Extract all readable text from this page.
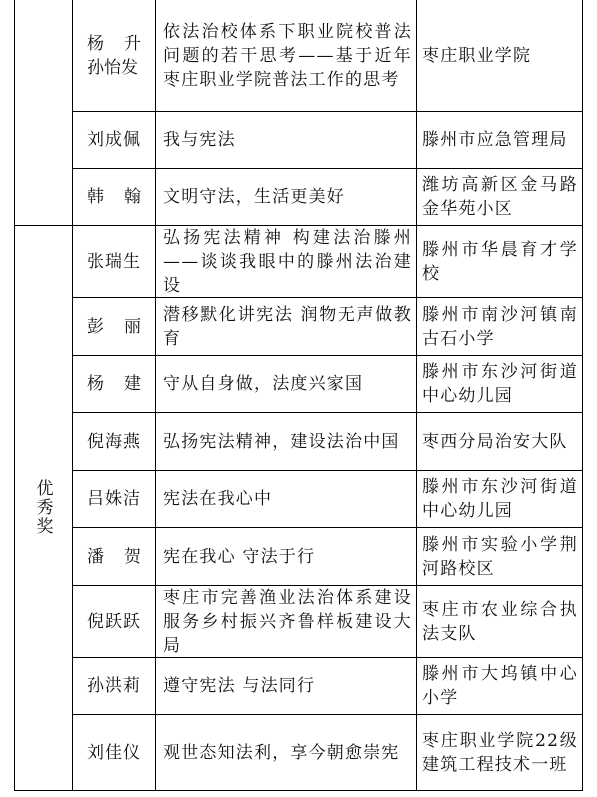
优秀奖
杨 升
孙怡发
依法治校体系下职业院校普法问题的若干思考——基于近年枣庄职业学院普法工作的思考
枣庄职业学院
刘成佩 我与宪法	滕州市应急管理局
韩 翰 文明守法，生活更美好
潍坊高新区金马路金华苑小区
张瑞生
弘扬宪法精神 构建法治滕州——谈谈我眼中的滕州法治建设
滕州市华晨育才学校
彭 丽
潜移默化讲宪法 润物无声做教育
滕州市南沙河镇南古石小学
杨 建 守从自身做，法度兴家国
滕州市东沙河街道中心幼儿园
倪海燕 弘扬宪法精神，建设法治中国	枣西分局治安大队
吕姝洁 宪法在我心中
滕州市东沙河街道中心幼儿园
潘 贺 宪在我心 守法于行
滕州市实验小学荆河路校区
倪跃跃
枣庄市完善渔业法治体系建设服务乡村振兴齐鲁样板建设大局
枣庄市农业综合执法支队
孙洪莉 遵守宪法 与法同行
滕州市大坞镇中心小学
刘佳仪 观世态知法利，享今朝愈崇宪
枣庄职业学院22级建筑工程技术一班
